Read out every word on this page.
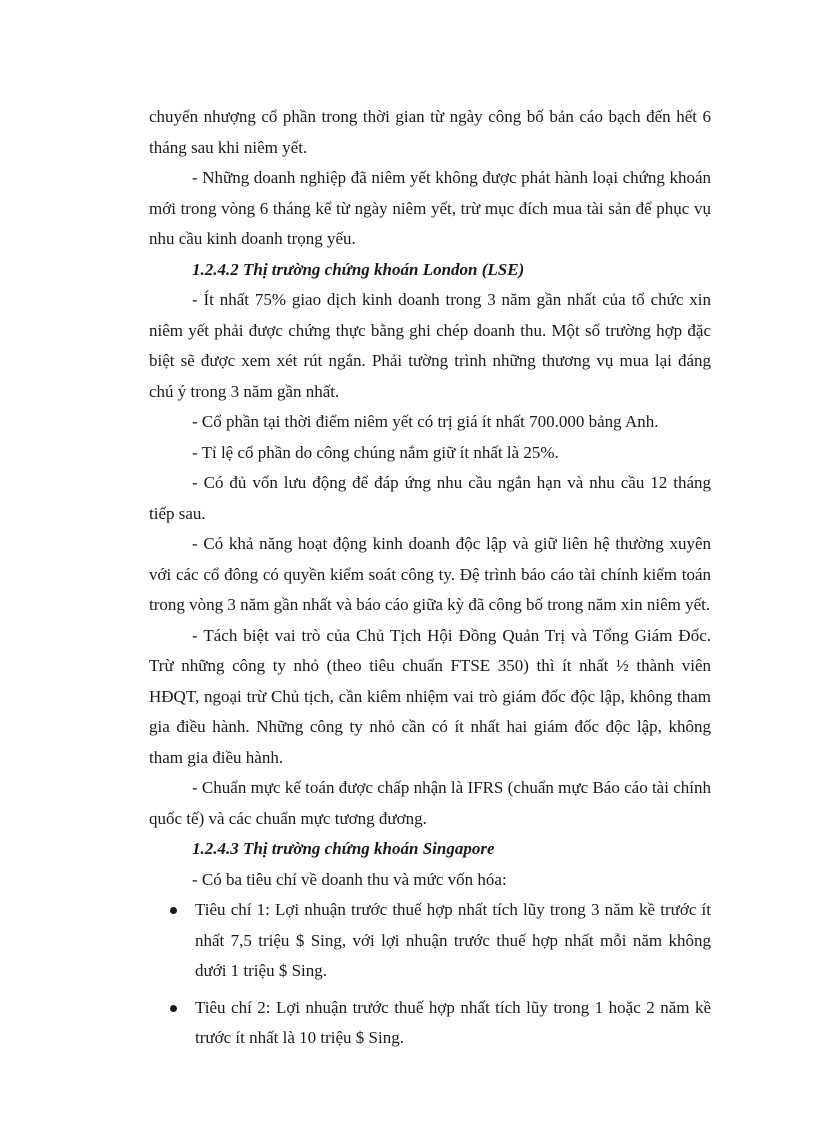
chuyển nhượng cổ phần trong thời gian từ ngày công bố bản cáo bạch đến hết 6 tháng sau khi niêm yết.

- Những doanh nghiệp đã niêm yết không được phát hành loại chứng khoán mới trong vòng 6 tháng kể từ ngày niêm yết, trừ mục đích mua tài sản để phục vụ nhu cầu kinh doanh trọng yếu.

1.2.4.2 Thị trường chứng khoán London (LSE)

- Ít nhất 75% giao dịch kinh doanh trong 3 năm gần nhất của tổ chức xin niêm yết phải được chứng thực bằng ghi chép doanh thu. Một số trường hợp đặc biệt sẽ được xem xét rút ngắn. Phải tường trình những thương vụ mua lại đáng chú ý trong 3 năm gần nhất.

- Cổ phần tại thời điểm niêm yết có trị giá ít nhất 700.000 bảng Anh.

- Tỉ lệ cổ phần do công chúng nắm giữ ít nhất là 25%.

- Có đủ vốn lưu động để đáp ứng nhu cầu ngắn hạn và nhu cầu 12 tháng tiếp sau.

- Có khả năng hoạt động kinh doanh độc lập và giữ liên hệ thường xuyên với các cổ đông có quyền kiểm soát công ty. Đệ trình báo cáo tài chính kiểm toán trong vòng 3 năm gần nhất và báo cáo giữa kỳ đã công bố trong năm xin niêm yết.

- Tách biệt vai trò của Chủ Tịch Hội Đồng Quản Trị và Tổng Giám Đốc. Trừ những công ty nhỏ (theo tiêu chuẩn FTSE 350) thì ít nhất ½ thành viên HĐQT, ngoại trừ Chủ tịch, cần kiêm nhiệm vai trò giám đốc độc lập, không tham gia điều hành. Những công ty nhỏ cần có ít nhất hai giám đốc độc lập, không tham gia điều hành.

- Chuẩn mực kế toán được chấp nhận là IFRS (chuẩn mực Báo cáo tài chính quốc tế) và các chuẩn mực tương đương.

1.2.4.3 Thị trường chứng khoán Singapore

- Có ba tiêu chí về doanh thu và mức vốn hóa:

Tiêu chí 1: Lợi nhuận trước thuế hợp nhất tích lũy trong 3 năm kề trước ít nhất 7,5 triệu $ Sing, với lợi nhuận trước thuế hợp nhất mỗi năm không dưới 1 triệu $ Sing.
Tiêu chí 2: Lợi nhuận trước thuế hợp nhất tích lũy trong 1 hoặc 2 năm kề trước ít nhất là 10 triệu $ Sing.
